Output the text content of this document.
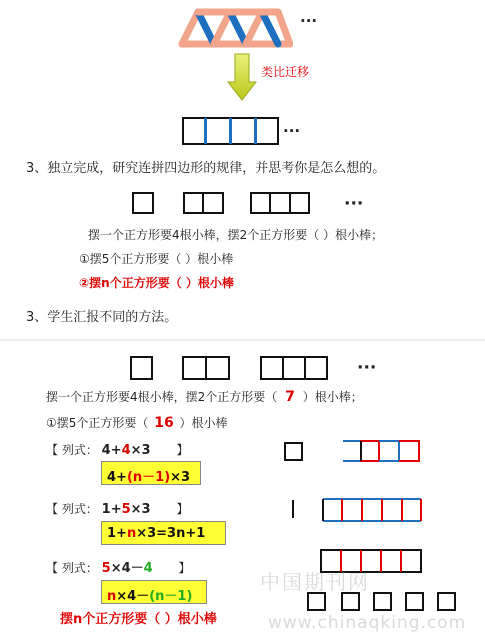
···
类比迁移
···
3、独立完成，研究连拼四边形的规律，并思考你是怎么想的。
···
摆一个正方形要4根小棒，摆2个正方形要（ ）根小棒；
①摆5个正方形要（ ）根小棒
②摆n个正方形要（ ）根小棒
3、学生汇报不同的方法。
···
摆一个正方形要4根小棒，摆2个正方形要（ 7 ）根小棒；
①摆5个正方形要（ 16 ）根小棒
【 列式： 4+4×3 】
4+(n－1)×3
【 列式： 1+5×3 】
1+n×3=3n+1
【 列式： 5×4－4 】
n×4－(n－1)
摆n个正方形要（ ）根小棒
中国期刊网
www.chinaqking.com
